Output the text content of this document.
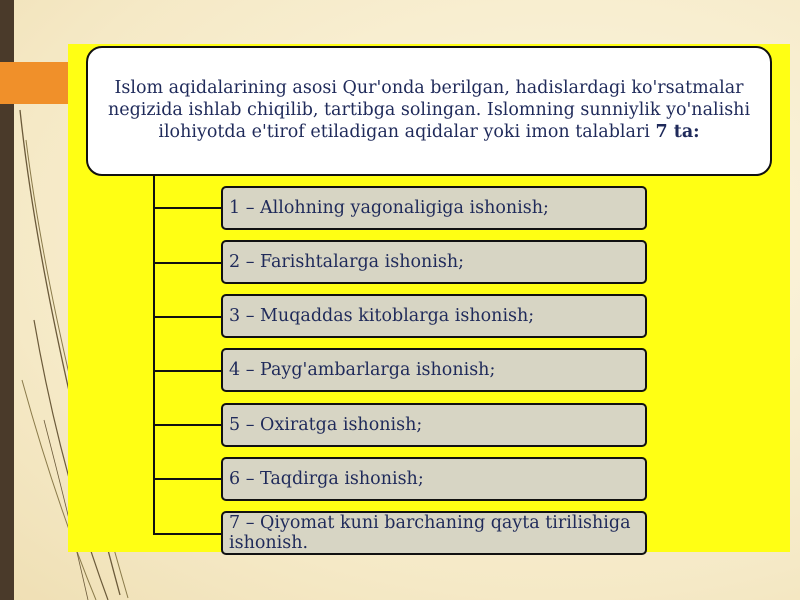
Islom aqidalarining asosi Qur'onda berilgan, hadislardagi ko'rsatmalar negizida ishlab chiqilib, tartibga solingan. Islomning sunniylik yo'nalishi ilohiyotda e'tirof etiladigan aqidalar yoki imon talablari 7 ta:
1 – Allohning yagonaligiga ishonish;
2 – Farishtalarga ishonish;
3 – Muqaddas kitoblarga ishonish;
4 – Payg'ambarlarga ishonish;
5 – Oxiratga ishonish;
6 – Taqdirga ishonish;
7 – Qiyomat kuni barchaning qayta tirilishiga ishonish.
